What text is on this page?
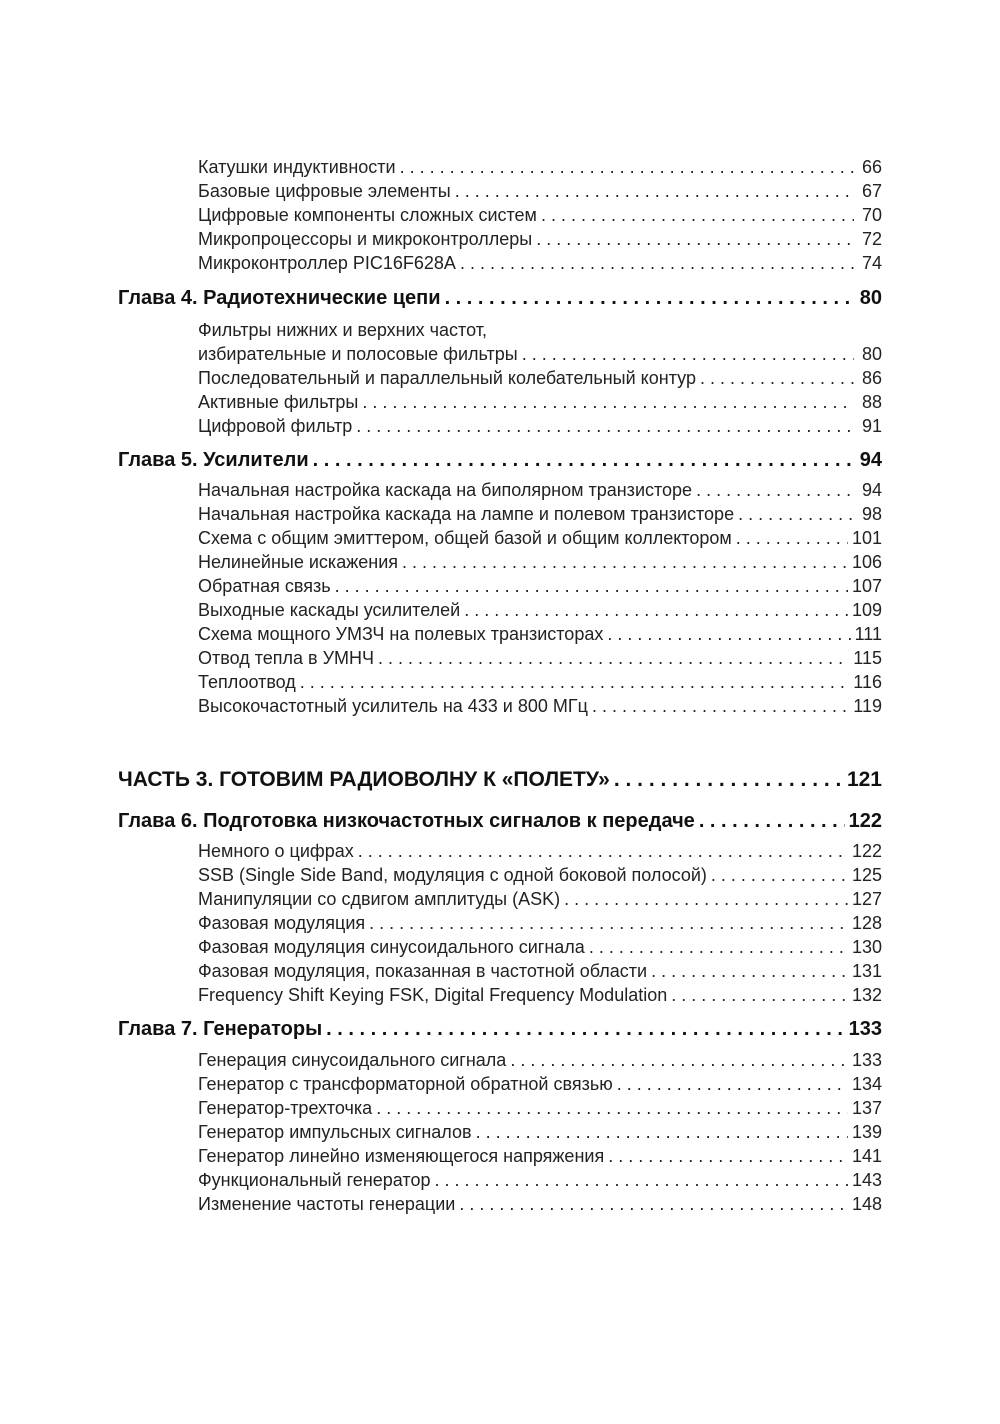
Катушки индуктивности . . .	66
Базовые цифровые элементы . . .	67
Цифровые компоненты сложных систем . . .	70
Микропроцессоры и микроконтроллеры . . .	72
Микроконтроллер PIC16F628A . . .	74
Глава 4. Радиотехнические цепи . . .	80
Фильтры нижних и верхних частот,
избирательные и полосовые фильтры . . .	80
Последовательный и параллельный колебательный контур . . .	86
Активные фильтры . . .	88
Цифровой фильтр . . .	91
Глава 5. Усилители . . .	94
Начальная настройка каскада на биполярном транзисторе . . .	94
Начальная настройка каскада на лампе и полевом транзисторе . . .	98
Схема с общим эмиттером, общей базой и общим коллектором . . .	101
Нелинейные искажения . . .	106
Обратная связь . . .	107
Выходные каскады усилителей . . .	109
Схема мощного УМЗЧ на полевых транзисторах . . .	111
Отвод тепла в УМНЧ . . .	115
Теплоотвод . . .	116
Высокочастотный усилитель на 433 и 800 МГц . . .	119
ЧАСТЬ 3. ГОТОВИМ РАДИОВОЛНУ К «ПОЛЕТУ» . . .	121
Глава 6. Подготовка низкочастотных сигналов к передаче . . .	122
Немного о цифрах . . .	122
SSB (Single Side Band, модуляция с одной боковой полосой) . . .	125
Манипуляции со сдвигом амплитуды (ASK) . . .	127
Фазовая модуляция . . .	128
Фазовая модуляция синусоидального сигнала . . .	130
Фазовая модуляция, показанная в частотной области . . .	131
Frequency Shift Keying FSK, Digital Frequency Modulation . . .	132
Глава 7. Генераторы . . .	133
Генерация синусоидального сигнала . . .	133
Генератор с трансформаторной обратной связью . . .	134
Генератор-трехточка . . .	137
Генератор импульсных сигналов . . .	139
Генератор линейно изменяющегося напряжения . . .	141
Функциональный генератор . . .	143
Изменение частоты генерации . . .	148
